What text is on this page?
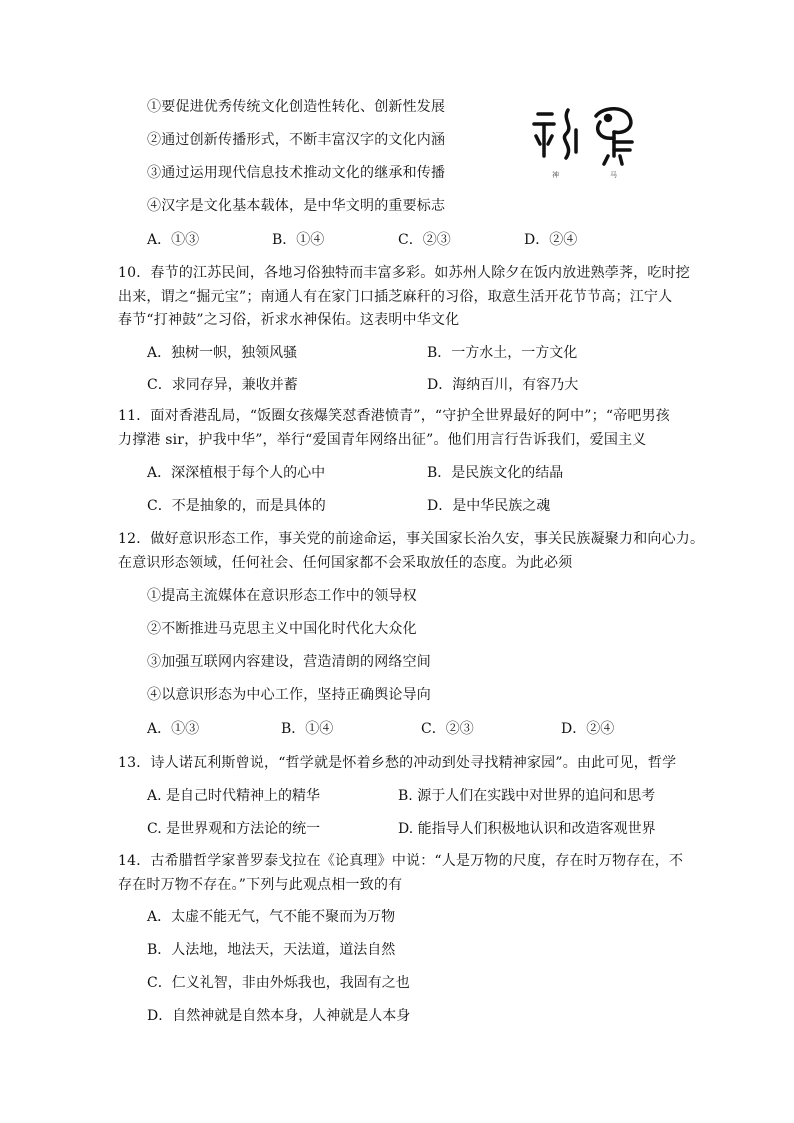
①要促进优秀传统文化创造性转化、创新性发展
②通过创新传播形式，不断丰富汉字的文化内涵
③通过运用现代信息技术推动文化的继承和传播
④汉字是文化基本载体，是中华文明的重要标志
神	马
A．①③	B．①④	C．②③	D．②④
10．春节的江苏民间，各地习俗独特而丰富多彩。如苏州人除夕在饭内放进熟荸荠，吃时挖
出来，谓之“掘元宝”；南通人有在家门口插芝麻秆的习俗，取意生活开花节节高；江宁人
春节“打神鼓”之习俗，祈求水神保佑。这表明中华文化
A．独树一帜，独领风骚	B．一方水土，一方文化
C．求同存异，兼收并蓄	D．海纳百川，有容乃大
11．面对香港乱局，“饭圈女孩爆笑怼香港愤青”，“守护全世界最好的阿中”；“帝吧男孩
力撑港 sir，护我中华”，举行“爱国青年网络出征”。他们用言行告诉我们，爱国主义
A．深深植根于每个人的心中	B．是民族文化的结晶
C．不是抽象的，而是具体的	D．是中华民族之魂
12．做好意识形态工作，事关党的前途命运，事关国家长治久安，事关民族凝聚力和向心力。
在意识形态领域，任何社会、任何国家都不会采取放任的态度。为此必须
①提高主流媒体在意识形态工作中的领导权
②不断推进马克思主义中国化时代化大众化
③加强互联网内容建设，营造清朗的网络空间
④以意识形态为中心工作，坚持正确舆论导向
A．①③	B．①④	C．②③	D．②④
13．诗人诺瓦利斯曾说，“哲学就是怀着乡愁的冲动到处寻找精神家园”。由此可见，哲学
A. 是自己时代精神上的精华	B. 源于人们在实践中对世界的追问和思考
C. 是世界观和方法论的统一	D. 能指导人们积极地认识和改造客观世界
14．古希腊哲学家普罗泰戈拉在《论真理》中说：“人是万物的尺度，存在时万物存在，不
存在时万物不存在。”下列与此观点相一致的有
A．太虚不能无气，气不能不聚而为万物
B．人法地，地法天，天法道，道法自然
C．仁义礼智，非由外烁我也，我固有之也
D．自然神就是自然本身，人神就是人本身
